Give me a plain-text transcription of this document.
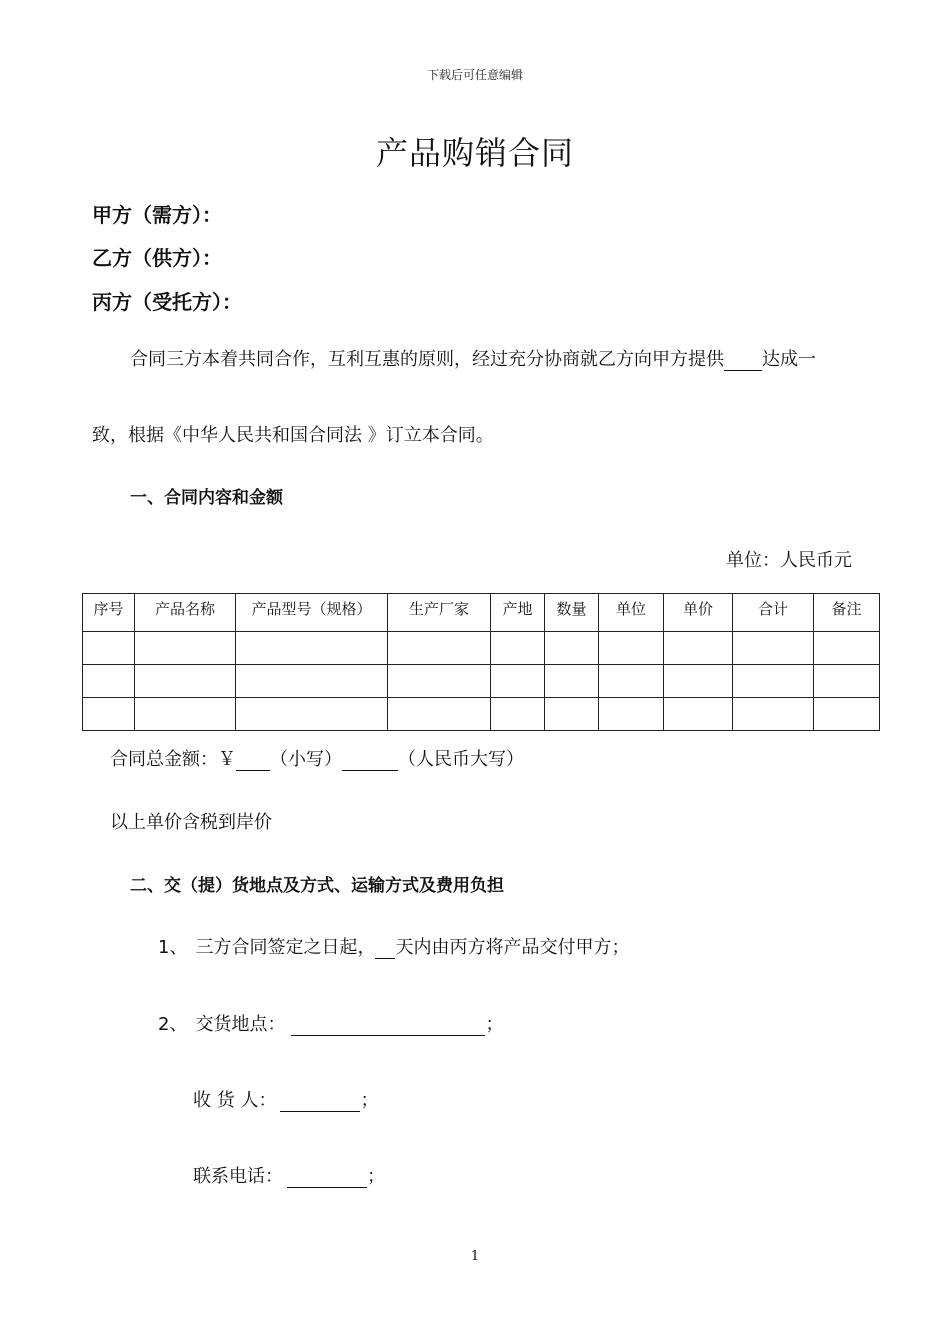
下载后可任意编辑
产品购销合同
甲方（需方）：
乙方（供方）：
丙方（受托方）：
合同三方本着共同合作，互利互惠的原则，经过充分协商就乙方向甲方提供 达成一
致，根据《中华人民共和国合同法 》订立本合同。
一、合同内容和金额
单位：人民币元
序号	产品名称	产品型号（规格）	生产厂家	产地	数量	单位	单价	合计	备注

合同总金额：￥ （小写）	（人民币大写）
以上单价含税到岸价
二、交（提）货地点及方式、运输方式及费用负担
1、 三方合同签定之日起， 天内由丙方将产品交付甲方；
2、 交货地点：	；
收 货 人：	；
联系电话：	；
1
